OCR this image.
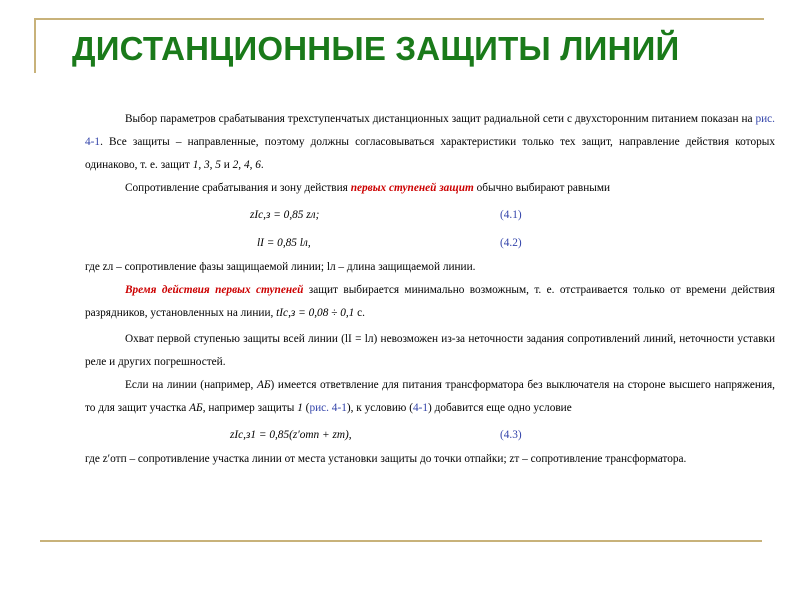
ДИСТАНЦИОННЫЕ ЗАЩИТЫ ЛИНИЙ

Выбор параметров срабатывания трехступенчатых дистанционных защит радиальной сети с двухсторонним питанием показан на рис. 4-1. Все защиты – направленные, поэтому должны согласовываться характеристики только тех защит, направление действия которых одинаково, т. е. защит 1, 3, 5 и 2, 4, 6.

Сопротивление срабатывания и зону действия первых ступеней защит обычно выбирают равными

zIс,з = 0,85 zл;	(4.1)
lI = 0,85 lл,	(4.2)

где zл – сопротивление фазы защищаемой линии; lл – длина защищаемой линии.

Время действия первых ступеней защит выбирается минимально возможным, т. е. отстраивается только от времени действия разрядников, установленных на линии, tIс,з = 0,08 ÷ 0,1 с.

Охват первой ступенью защиты всей линии (lI = lл) невозможен из-за неточности задания сопротивлений линий, неточности уставки реле и других погрешностей.

Если на линии (например, АБ) имеется ответвление для питания трансформатора без выключателя на стороне высшего напряжения, то для защит участка АБ, например защиты 1 (рис. 4-1), к условию (4-1) добавится еще одно условие

zIс,з1 = 0,85(z′отп + zт),	(4.3)

где z′отп – сопротивление участка линии от места установки защиты до точки отпайки; zт – сопротивление трансформатора.
